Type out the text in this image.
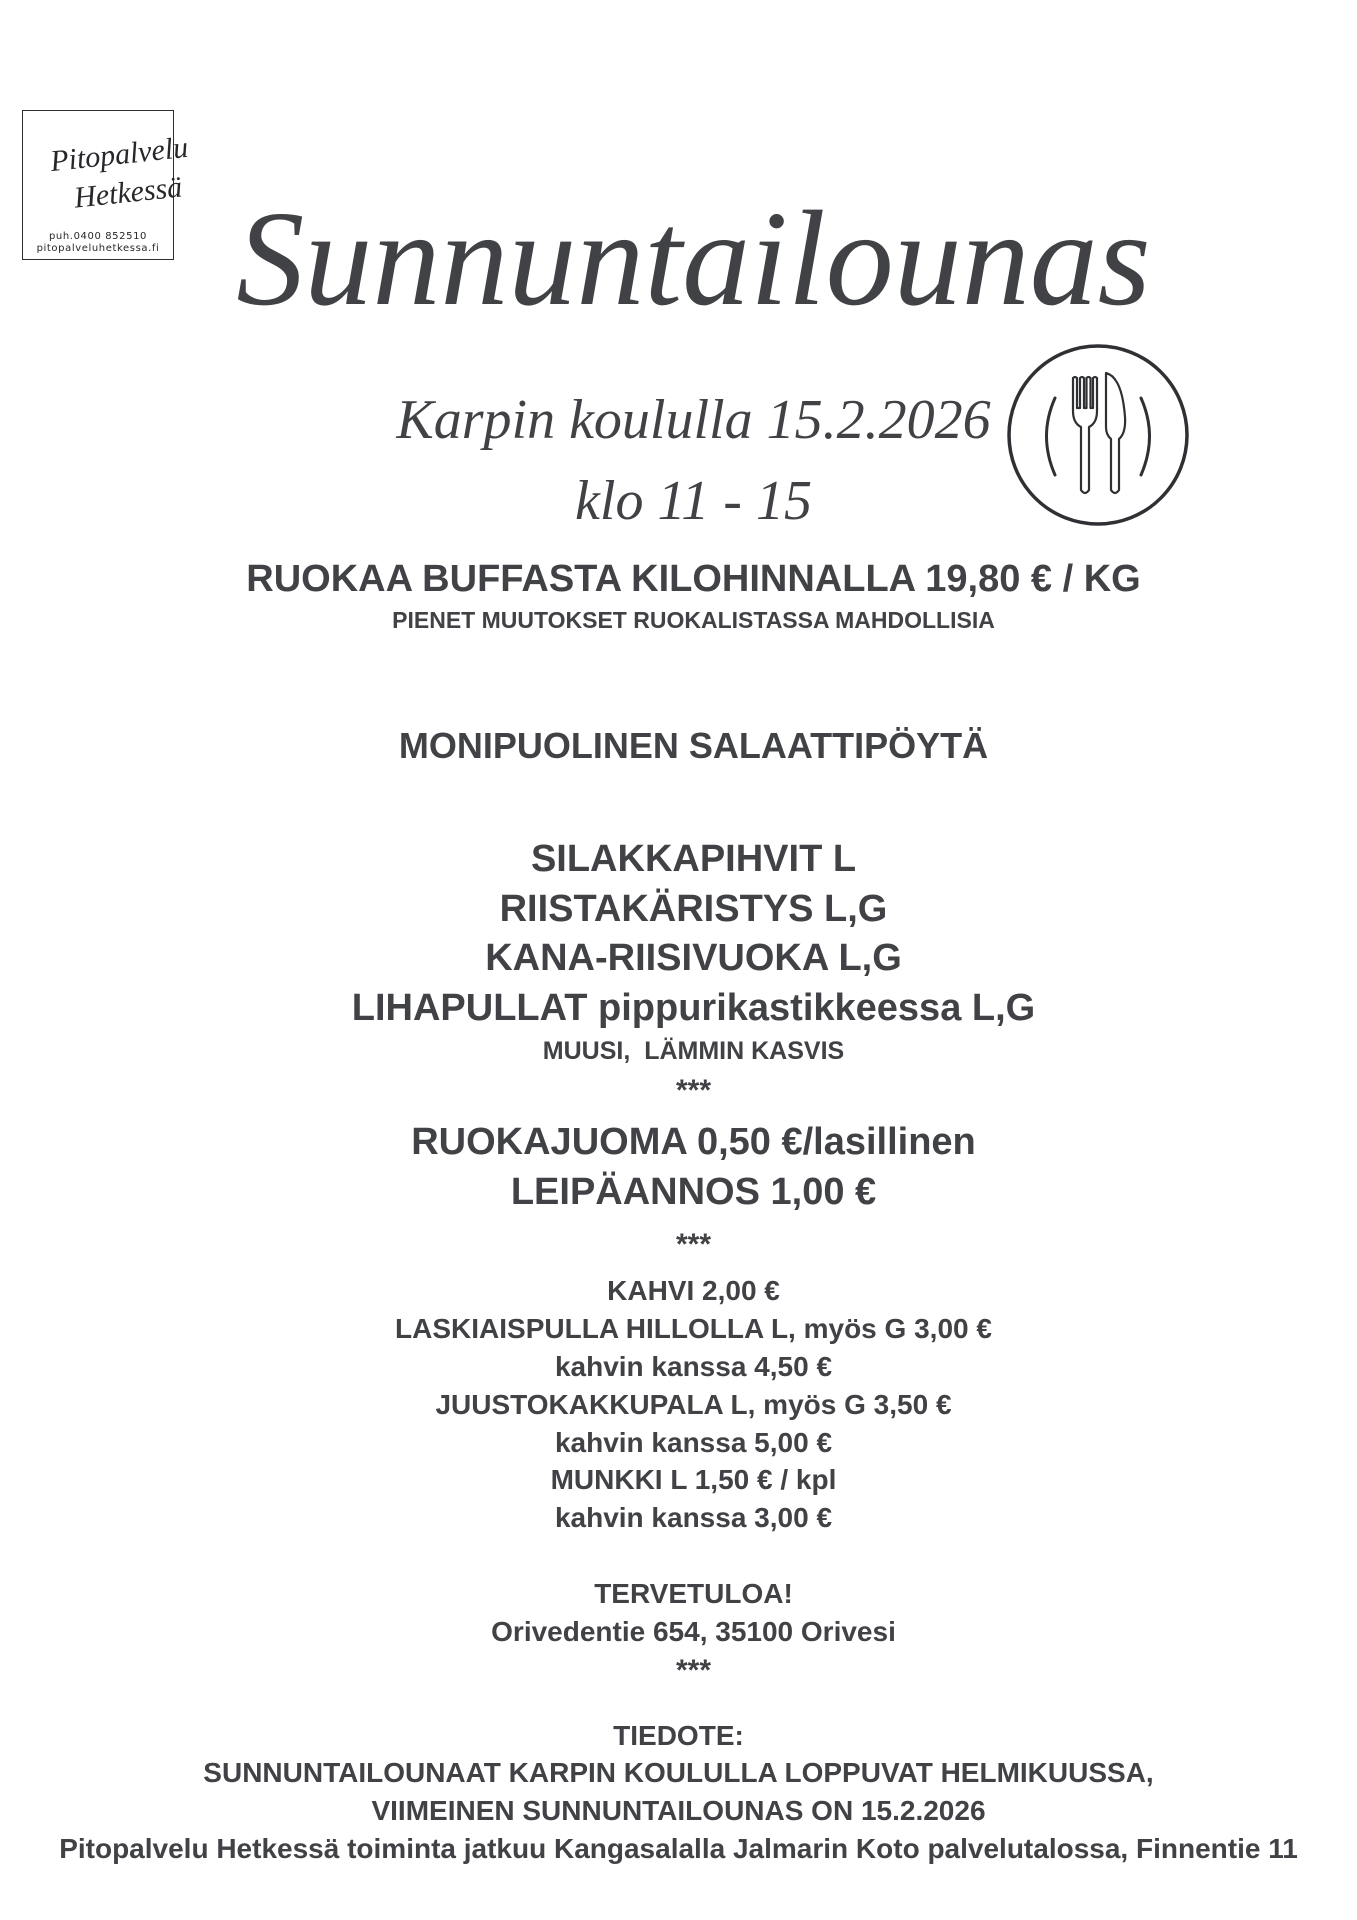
Pitopalvelu
Hetkessä
puh.0400 852510
pitopalveluhetkessa.fi Sunnuntailounas
Karpin koululla 15.2.2026
klo 11 - 15
RUOKAA BUFFASTA KILOHINNALLA 19,80 € / KG
PIENET MUUTOKSET RUOKALISTASSA MAHDOLLISIA
MONIPUOLINEN SALAATTIPÖYTÄ
SILAKKAPIHVIT L
RIISTAKÄRISTYS L,G
KANA-RIISIVUOKA L,G
LIHAPULLAT pippurikastikkeessa L,G
MUUSI,  LÄMMIN KASVIS
***
RUOKAJUOMA 0,50 €/lasillinen
LEIPÄANNOS 1,00 €
***
KAHVI 2,00 €
LASKIAISPULLA HILLOLLA L, myös G 3,00 €
kahvin kanssa 4,50 €
JUUSTOKAKKUPALA L, myös G 3,50 €
kahvin kanssa 5,00 €
MUNKKI L 1,50 € / kpl
kahvin kanssa 3,00 €
TERVETULOA!
Orivedentie 654, 35100 Orivesi
***
TIEDOTE:
SUNNUNTAILOUNAAT KARPIN KOULULLA LOPPUVAT HELMIKUUSSA,
VIIMEINEN SUNNUNTAILOUNAS ON 15.2.2026
Pitopalvelu Hetkessä toiminta jatkuu Kangasalalla Jalmarin Koto palvelutalossa, Finnentie 11
